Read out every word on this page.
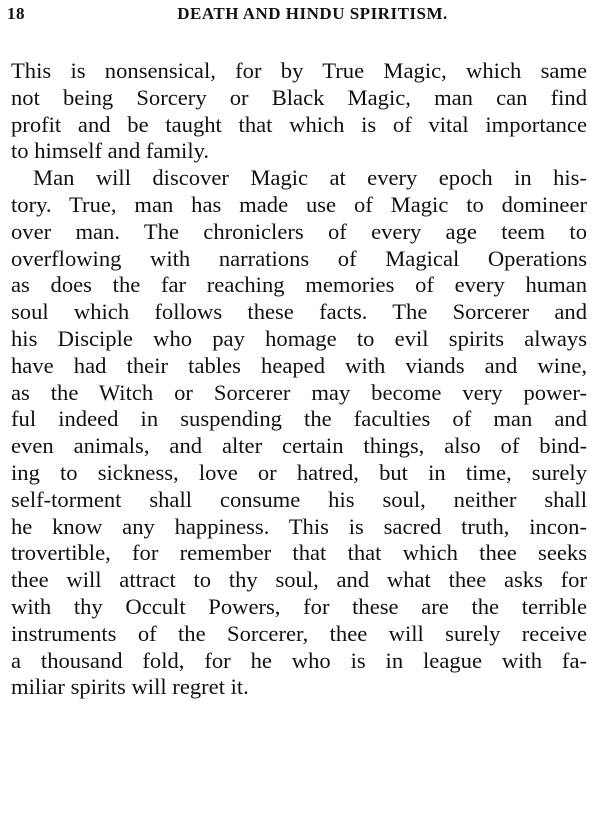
18	DEATH AND HINDU SPIRITISM.
This is nonsensical, for by True Magic, which same
not being Sorcery or Black Magic, man can find
profit and be taught that which is of vital importance
to himself and family.
Man will discover Magic at every epoch in his-
tory. True, man has made use of Magic to domineer
over man. The chroniclers of every age teem to
overflowing with narrations of Magical Operations
as does the far reaching memories of every human
soul which follows these facts. The Sorcerer and
his Disciple who pay homage to evil spirits always
have had their tables heaped with viands and wine,
as the Witch or Sorcerer may become very power-
ful indeed in suspending the faculties of man and
even animals, and alter certain things, also of bind-
ing to sickness, love or hatred, but in time, surely
self-torment shall consume his soul, neither shall
he know any happiness. This is sacred truth, incon-
trovertible, for remember that that which thee seeks
thee will attract to thy soul, and what thee asks for
with thy Occult Powers, for these are the terrible
instruments of the Sorcerer, thee will surely receive
a thousand fold, for he who is in league with fa-
miliar spirits will regret it.
